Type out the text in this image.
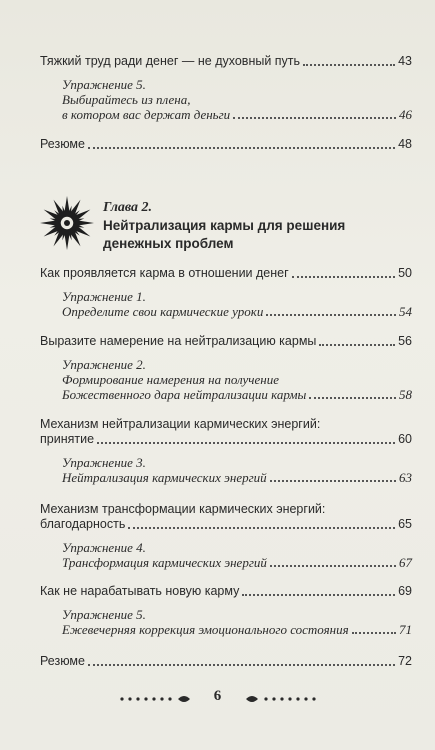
Тяжкий труд ради денег — не духовный путь	43
Упражнение 5.
Выбирайтесь из плена,
в котором вас держат деньги	46
Резюме	48
Глава 2.
Нейтрализация кармы для решения
денежных проблем
Как проявляется карма в отношении денег	50
Упражнение 1.
Определите свои кармические уроки	54
Выразите намерение на нейтрализацию кармы	56
Упражнение 2.
Формирование намерения на получение
Божественного дара нейтрализации кармы	58
Механизм нейтрализации кармических энергий:
принятие	60
Упражнение 3.
Нейтрализация кармических энергий	63
Механизм трансформации кармических энергий:
благодарность	65
Упражнение 4.
Трансформация кармических энергий	67
Как не нарабатывать новую карму	69
Упражнение 5.
Ежевечерняя коррекция эмоционального состояния	71
Резюме	72
6
